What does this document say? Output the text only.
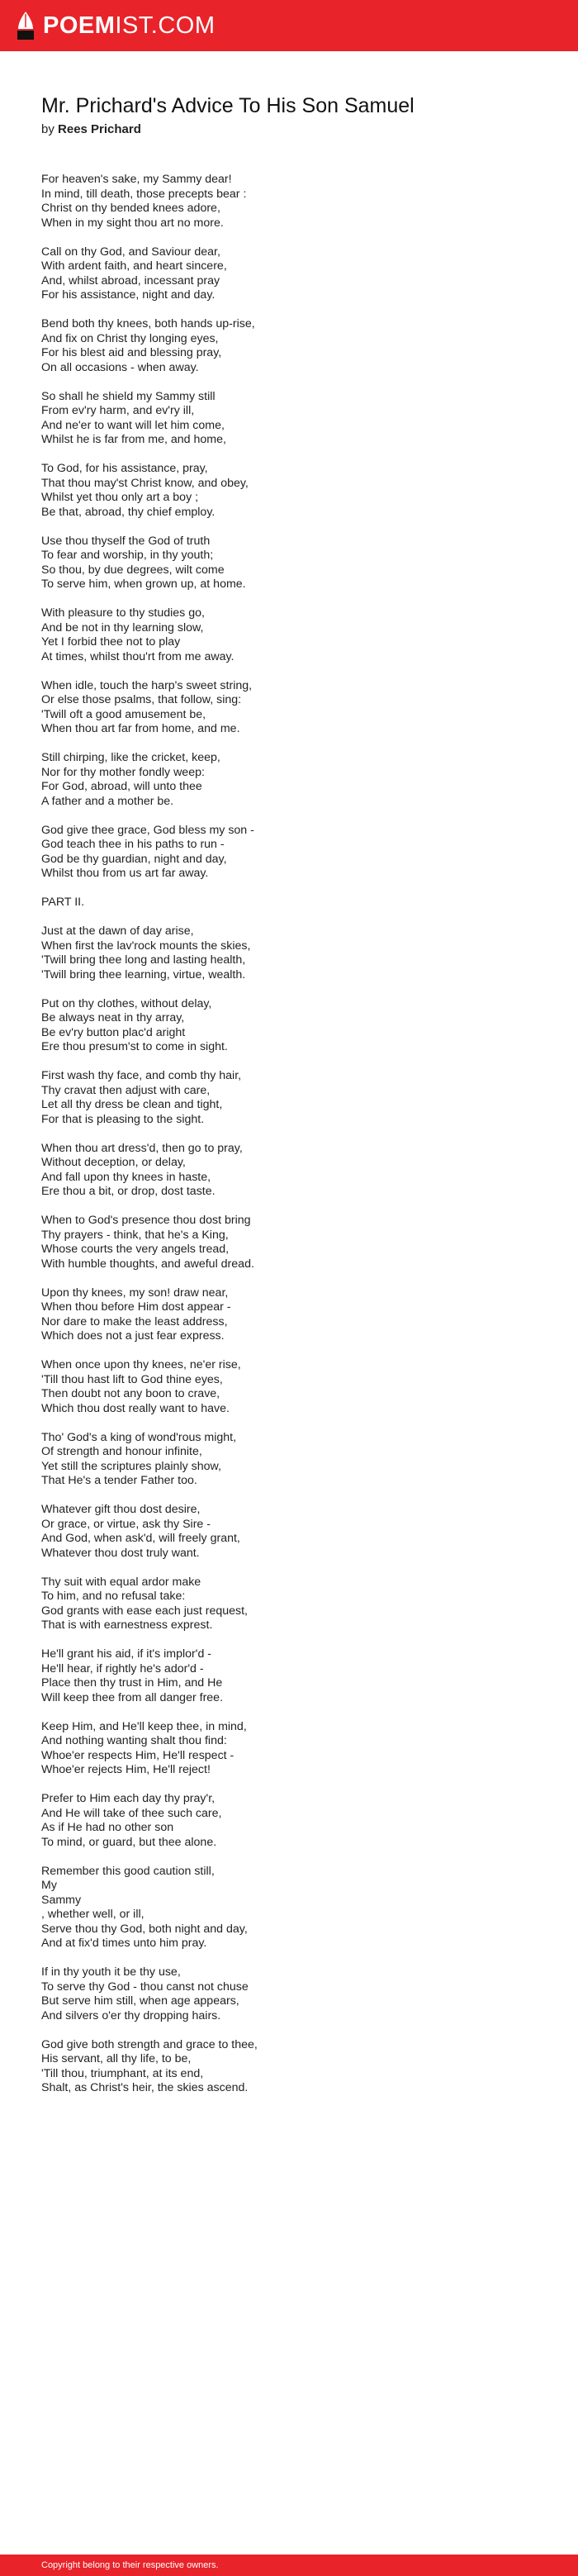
POEMIST.COM
Mr. Prichard's Advice To His Son Samuel
by Rees Prichard
For heaven's sake, my Sammy dear!
In mind, till death, those precepts bear :
Christ on thy bended knees adore,
When in my sight thou art no more.
Call on thy God, and Saviour dear,
With ardent faith, and heart sincere,
And, whilst abroad, incessant pray
For his assistance, night and day.
Bend both thy knees, both hands up-rise,
And fix on Christ thy longing eyes,
For his blest aid and blessing pray,
On all occasions - when away.
So shall he shield my Sammy still
From ev'ry harm, and ev'ry ill,
And ne'er to want will let him come,
Whilst he is far from me, and home,
To God, for his assistance, pray,
That thou may'st Christ know, and obey,
Whilst yet thou only art a boy ;
Be that, abroad, thy chief employ.
Use thou thyself the God of truth
To fear and worship, in thy youth;
So thou, by due degrees, wilt come
To serve him, when grown up, at home.
With pleasure to thy studies go,
And be not in thy learning slow,
Yet I forbid thee not to play
At times, whilst thou'rt from me away.
When idle, touch the harp's sweet string,
Or else those psalms, that follow, sing:
'Twill oft a good amusement be,
When thou art far from home, and me.
Still chirping, like the cricket, keep,
Nor for thy mother fondly weep:
For God, abroad, will unto thee
A father and a mother be.
God give thee grace, God bless my son -
God teach thee in his paths to run -
God be thy guardian, night and day,
Whilst thou from us art far away.
PART II.
Just at the dawn of day arise,
When first the lav'rock mounts the skies,
'Twill bring thee long and lasting health,
'Twill bring thee learning, virtue, wealth.
Put on thy clothes, without delay,
Be always neat in thy array,
Be ev'ry button plac'd aright
Ere thou presum'st to come in sight.
First wash thy face, and comb thy hair,
Thy cravat then adjust with care,
Let all thy dress be clean and tight,
For that is pleasing to the sight.
When thou art dress'd, then go to pray,
Without deception, or delay,
And fall upon thy knees in haste,
Ere thou a bit, or drop, dost taste.
When to God's presence thou dost bring
Thy prayers - think, that he's a King,
Whose courts the very angels tread,
With humble thoughts, and aweful dread.
Upon thy knees, my son! draw near,
When thou before Him dost appear -
Nor dare to make the least address,
Which does not a just fear express.
When once upon thy knees, ne'er rise,
'Till thou hast lift to God thine eyes,
Then doubt not any boon to crave,
Which thou dost really want to have.
Tho' God's a king of wond'rous might,
Of strength and honour infinite,
Yet still the scriptures plainly show,
That He's a tender Father too.
Whatever gift thou dost desire,
Or grace, or virtue, ask thy Sire -
And God, when ask'd, will freely grant,
Whatever thou dost truly want.
Thy suit with equal ardor make
To him, and no refusal take:
God grants with ease each just request,
That is with earnestness exprest.
He'll grant his aid, if it's implor'd -
He'll hear, if rightly he's ador'd -
Place then thy trust in Him, and He
Will keep thee from all danger free.
Keep Him, and He'll keep thee, in mind,
And nothing wanting shalt thou find:
Whoe'er respects Him, He'll respect -
Whoe'er rejects Him, He'll reject!
Prefer to Him each day thy pray'r,
And He will take of thee such care,
As if He had no other son
To mind, or guard, but thee alone.
Remember this good caution still,
My
Sammy
, whether well, or ill,
Serve thou thy God, both night and day,
And at fix'd times unto him pray.
If in thy youth it be thy use,
To serve thy God - thou canst not chuse
But serve him still, when age appears,
And silvers o'er thy dropping hairs.
God give both strength and grace to thee,
His servant, all thy life, to be,
'Till thou, triumphant, at its end,
Shalt, as Christ's heir, the skies ascend.
Copyright belong to their respective owners.
